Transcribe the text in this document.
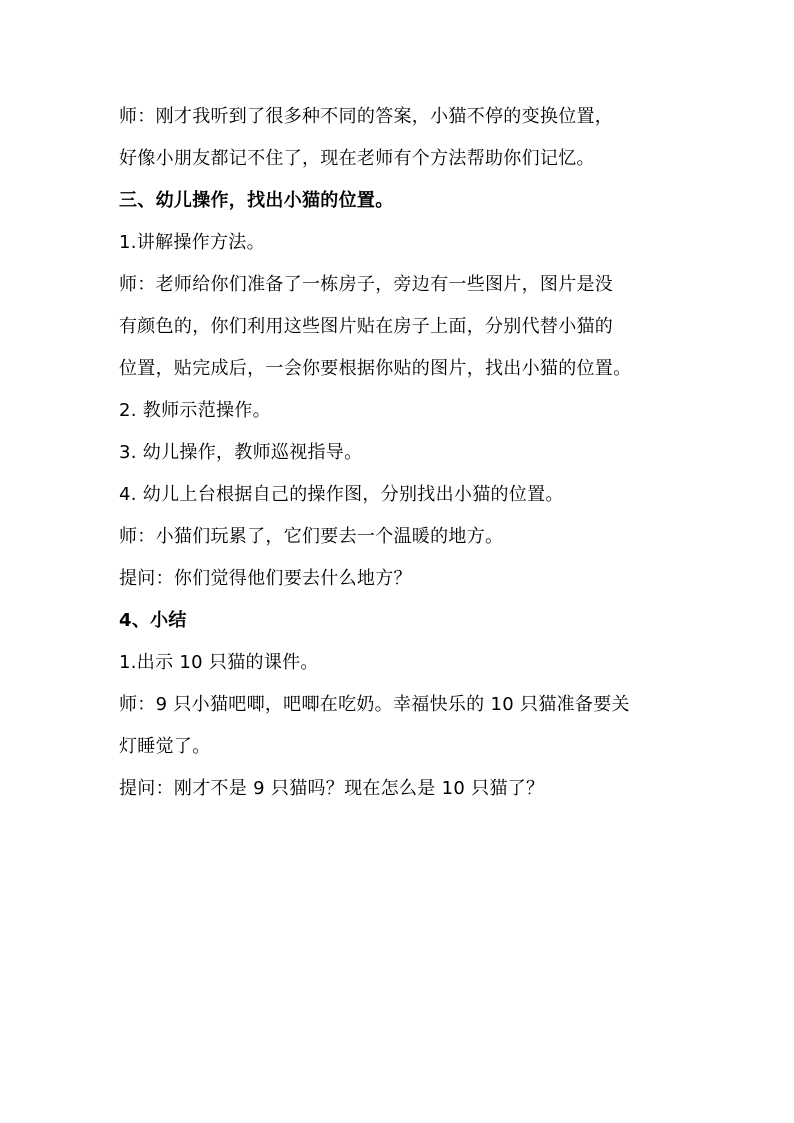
师：刚才我听到了很多种不同的答案，小猫不停的变换位置，
好像小朋友都记不住了，现在老师有个方法帮助你们记忆。
三、幼儿操作，找出小猫的位置。
1.讲解操作方法。
师：老师给你们准备了一栋房子，旁边有一些图片，图片是没
有颜色的，你们利用这些图片贴在房子上面，分别代替小猫的
位置，贴完成后，一会你要根据你贴的图片，找出小猫的位置。
2. 教师示范操作。
3. 幼儿操作，教师巡视指导。
4. 幼儿上台根据自己的操作图，分别找出小猫的位置。
师：小猫们玩累了，它们要去一个温暖的地方。
提问：你们觉得他们要去什么地方？
4、小结
1.出示 10 只猫的课件。
师：9 只小猫吧唧，吧唧在吃奶。幸福快乐的 10 只猫准备要关
灯睡觉了。
提问：刚才不是 9 只猫吗？现在怎么是 10 只猫了？
